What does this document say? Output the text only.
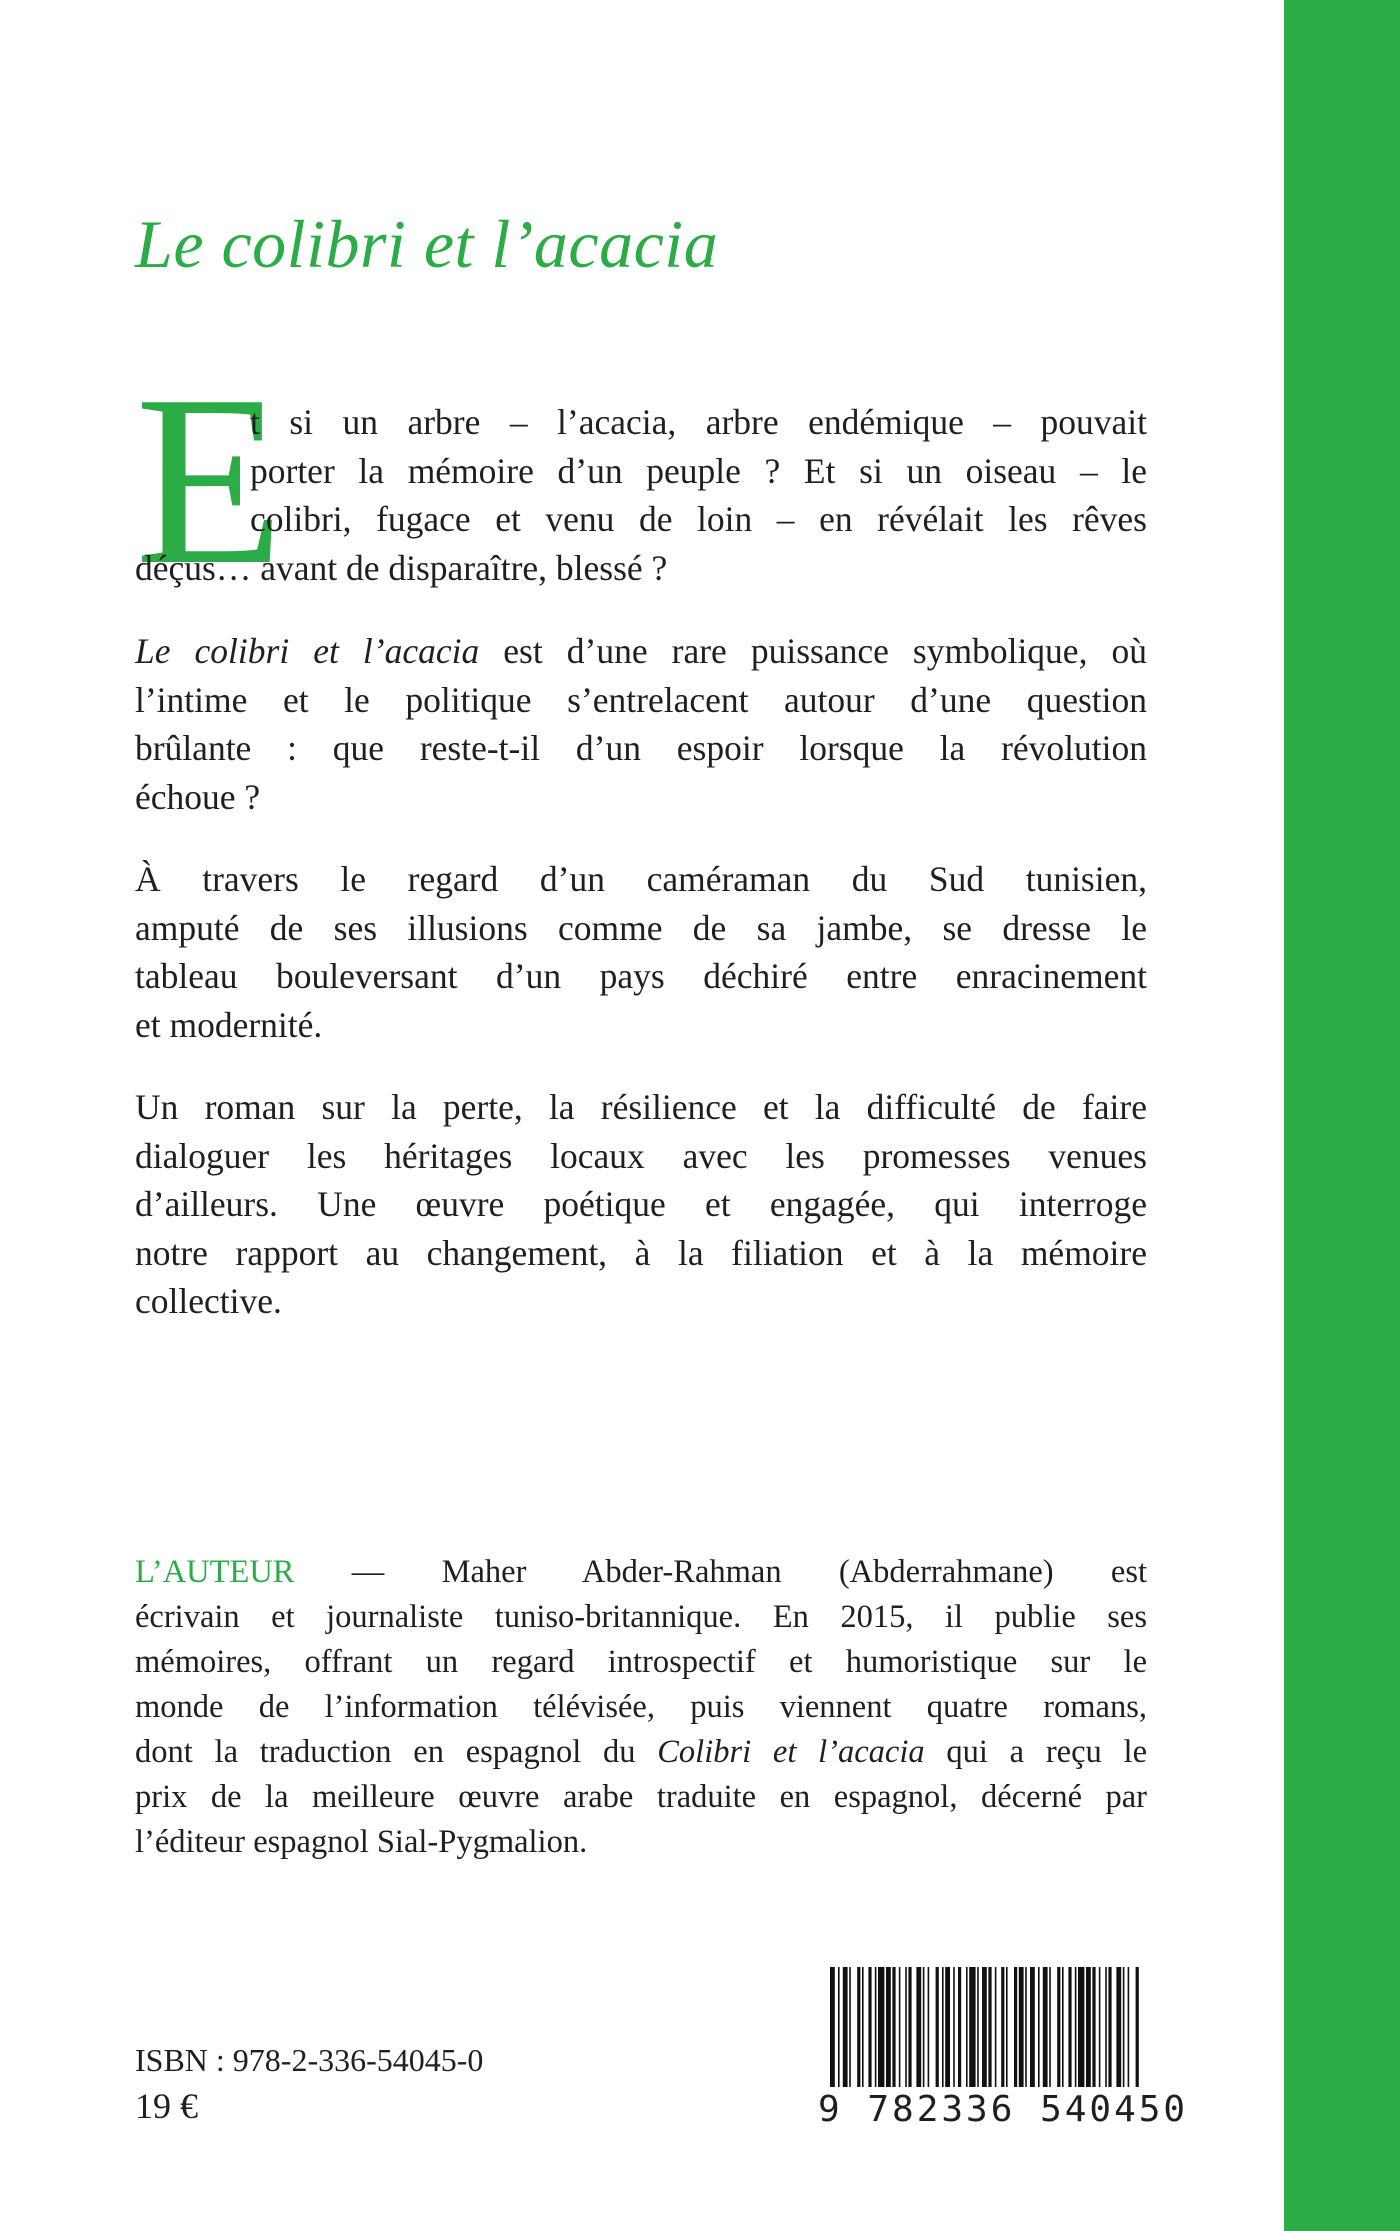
Le colibri et l’acacia
E
t si un arbre – l’acacia, arbre endémique – pouvait
porter la mémoire d’un peuple ? Et si un oiseau – le
colibri, fugace et venu de loin – en révélait les rêves
déçus… avant de disparaître, blessé ?
Le colibri et l’acacia est d’une rare puissance symbolique, où
l’intime et le politique s’entrelacent autour d’une question
brûlante : que reste-t-il d’un espoir lorsque la révolution
échoue ?
À travers le regard d’un caméraman du Sud tunisien,
amputé de ses illusions comme de sa jambe, se dresse le
tableau bouleversant d’un pays déchiré entre enracinement
et modernité.
Un roman sur la perte, la résilience et la difficulté de faire
dialoguer les héritages locaux avec les promesses venues
d’ailleurs. Une œuvre poétique et engagée, qui interroge
notre rapport au changement, à la filiation et à la mémoire
collective.
L’AUTEUR — Maher Abder-Rahman (Abderrahmane) est
écrivain et journaliste tuniso-britannique. En 2015, il publie ses
mémoires, offrant un regard introspectif et humoristique sur le
monde de l’information télévisée, puis viennent quatre romans,
dont la traduction en espagnol du Colibri et l’acacia qui a reçu le
prix de la meilleure œuvre arabe traduite en espagnol, décerné par
l’éditeur espagnol Sial-Pygmalion.
ISBN : 978-2-336-54045-0
19 €	9 782336 540450
